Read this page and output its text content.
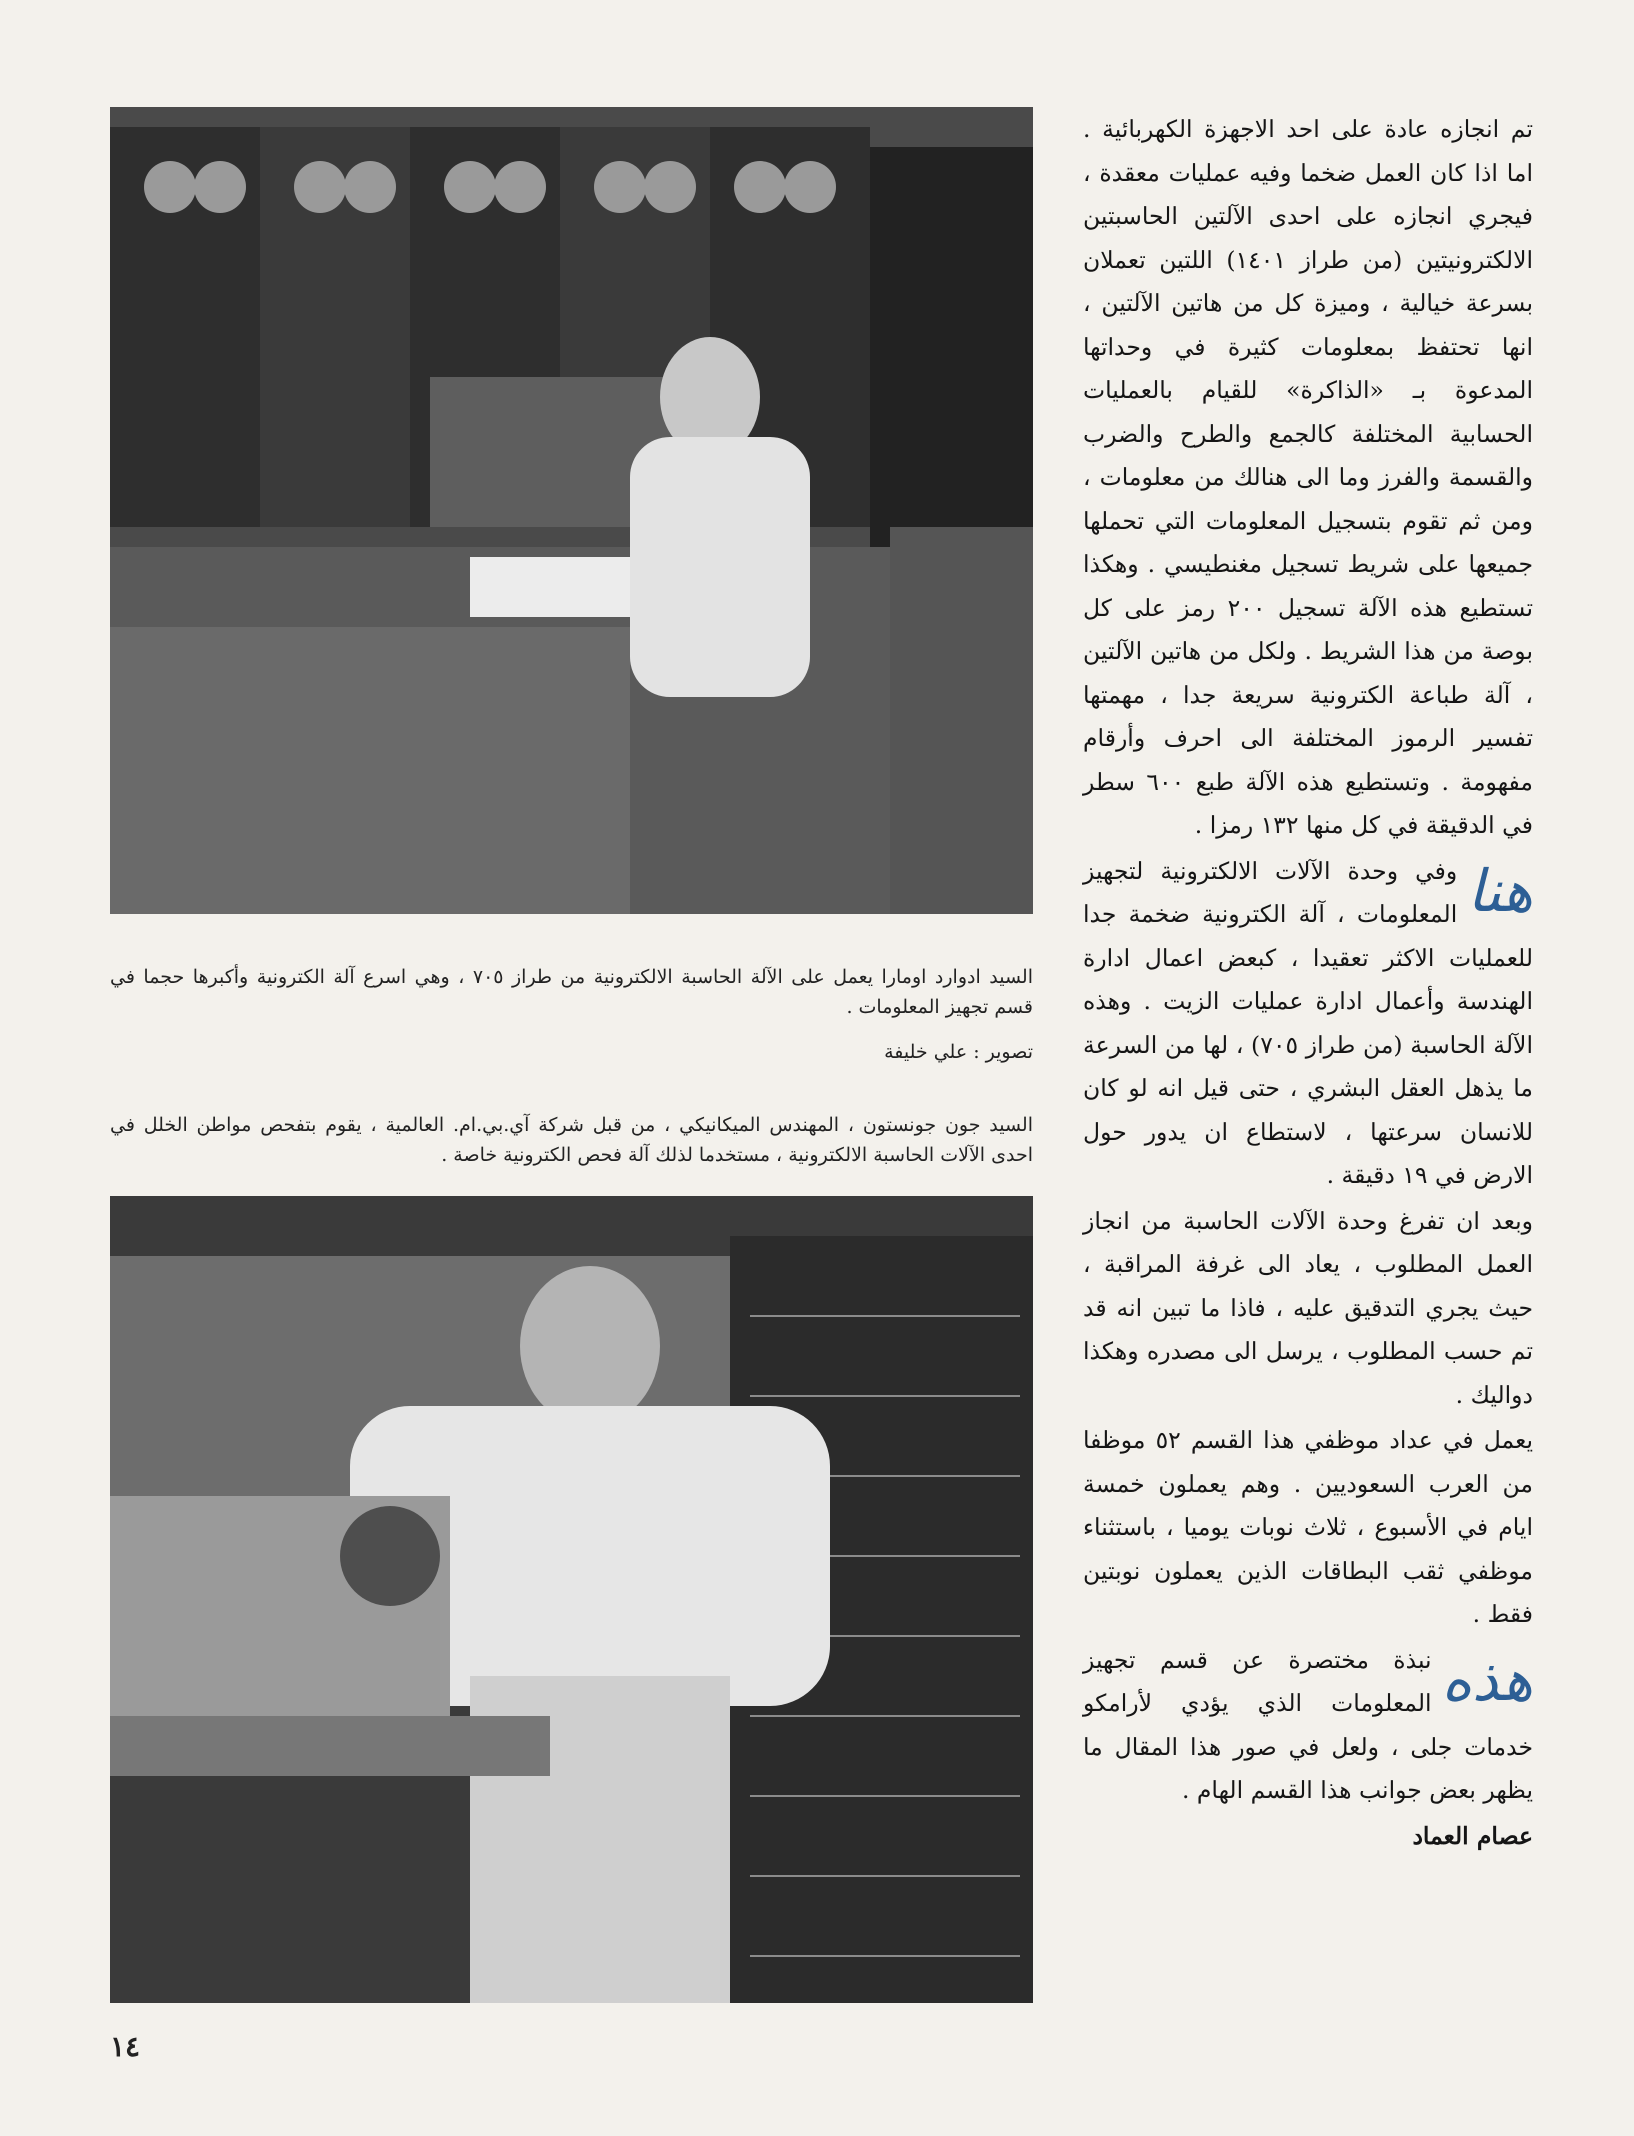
السيد ادوارد اومارا يعمل على الآلة الحاسبة الالكترونية من طراز ٧٠٥ ، وهي اسرع آلة الكترونية وأكبرها حجما في قسم تجهيز المعلومات .
تصوير : علي خليفة
السيد جون جونستون ، المهندس الميكانيكي ، من قبل شركة آي.بي.ام. العالمية ، يقوم بتفحص مواطن الخلل في احدى الآلات الحاسبة الالكترونية ، مستخدما لذلك آلة فحص الكترونية خاصة .

تم انجازه عادة على احد الاجهزة الكهربائية . اما اذا كان العمل ضخما وفيه عمليات معقدة ، فيجري انجازه على احدى الآلتين الحاسبتين الالكترونيتين (من طراز ١٤٠١) اللتين تعملان بسرعة خيالية ، وميزة كل من هاتين الآلتين ، انها تحتفظ بمعلومات كثيرة في وحداتها المدعوة بـ «الذاكرة» للقيام بالعمليات الحسابية المختلفة كالجمع والطرح والضرب والقسمة والفرز وما الى هنالك من معلومات ، ومن ثم تقوم بتسجيل المعلومات التي تحملها جميعها على شريط تسجيل مغنطيسي . وهكذا تستطيع هذه الآلة تسجيل ٢٠٠ رمز على كل بوصة من هذا الشريط . ولكل من هاتين الآلتين ، آلة طباعة الكترونية سريعة جدا ، مهمتها تفسير الرموز المختلفة الى احرف وأرقام مفهومة . وتستطيع هذه الآلة طبع ٦٠٠ سطر في الدقيقة في كل منها ١٣٢ رمزا .

هنا
وفي وحدة الآلات الالكترونية لتجهيز المعلومات ، آلة الكترونية ضخمة جدا للعمليات الاكثر تعقيدا ، كبعض اعمال ادارة الهندسة وأعمال ادارة عمليات الزيت . وهذه الآلة الحاسبة (من طراز ٧٠٥) ، لها من السرعة ما يذهل العقل البشري ، حتى قيل انه لو كان للانسان سرعتها ، لاستطاع ان يدور حول الارض في ١٩ دقيقة .

وبعد ان تفرغ وحدة الآلات الحاسبة من انجاز العمل المطلوب ، يعاد الى غرفة المراقبة ، حيث يجري التدقيق عليه ، فاذا ما تبين انه قد تم حسب المطلوب ، يرسل الى مصدره وهكذا دواليك .

يعمل في عداد موظفي هذا القسم ٥٢ موظفا من العرب السعوديين . وهم يعملون خمسة ايام في الأسبوع ، ثلاث نوبات يوميا ، باستثناء موظفي ثقب البطاقات الذين يعملون نوبتين فقط .

هذه
نبذة مختصرة عن قسم تجهيز المعلومات الذي يؤدي لأرامكو خدمات جلى ، ولعل في صور هذا المقال ما يظهر بعض جوانب هذا القسم الهام .

عصام العماد

١٤
